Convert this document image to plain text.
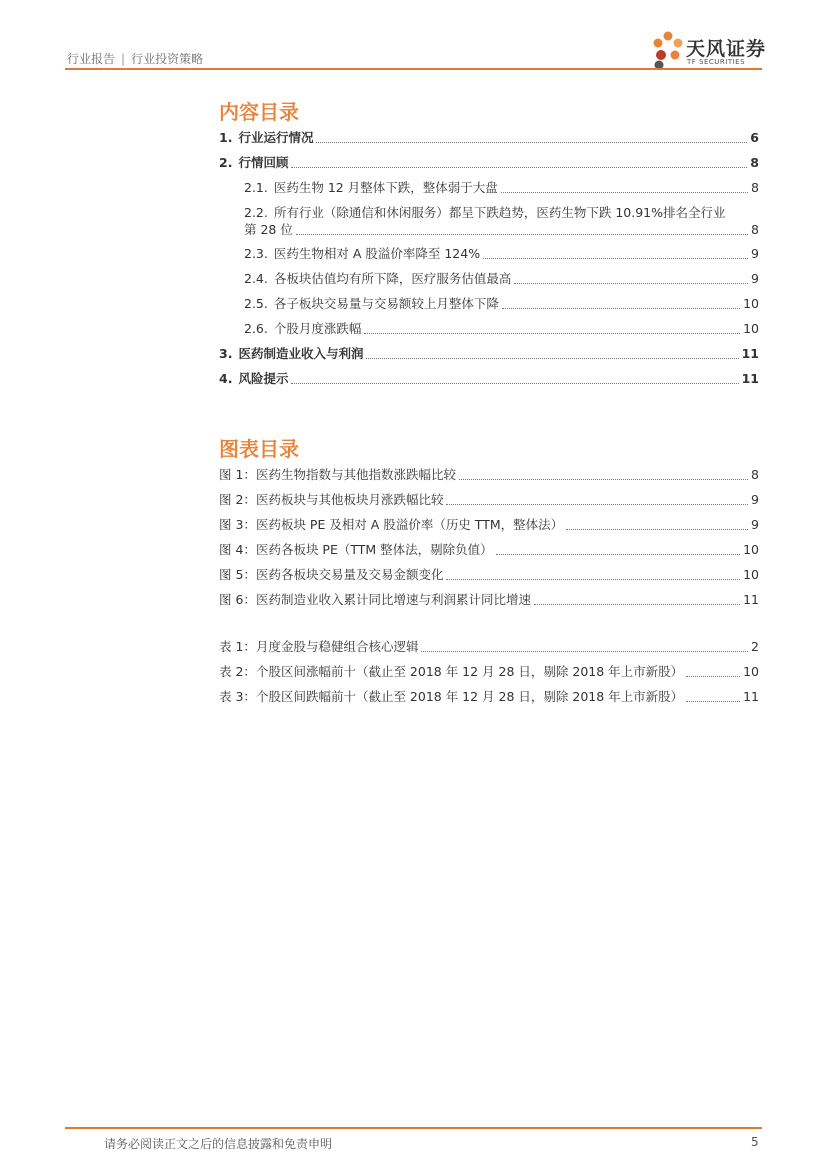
行业报告 | 行业投资策略	天风证券
TF SECURITIES
内容目录
1. 行业运行情况	6
2. 行情回顾	8
2.1. 医药生物 12 月整体下跌，整体弱于大盘	8
2.2. 所有行业（除通信和休闲服务）都呈下跌趋势，医药生物下跌 10.91%排名全行业
第 28 位	8
2.3. 医药生物相对 A 股溢价率降至 124%	9
2.4. 各板块估值均有所下降，医疗服务估值最高	9
2.5. 各子板块交易量与交易额较上月整体下降	10
2.6. 个股月度涨跌幅	10
3. 医药制造业收入与利润	11
4. 风险提示	11
图表目录
图 1： 医药生物指数与其他指数涨跌幅比较	8
图 2： 医药板块与其他板块月涨跌幅比较	9
图 3： 医药板块 PE 及相对 A 股溢价率（历史 TTM，整体法）	9
图 4： 医药各板块 PE（TTM 整体法，剔除负值）	10
图 5： 医药各板块交易量及交易金额变化	10
图 6： 医药制造业收入累计同比增速与利润累计同比增速	11
表 1： 月度金股与稳健组合核心逻辑	2
表 2： 个股区间涨幅前十（截止至 2018 年 12 月 28 日，剔除 2018 年上市新股）	10
表 3： 个股区间跌幅前十（截止至 2018 年 12 月 28 日，剔除 2018 年上市新股）	11
请务必阅读正文之后的信息披露和免责申明	5
